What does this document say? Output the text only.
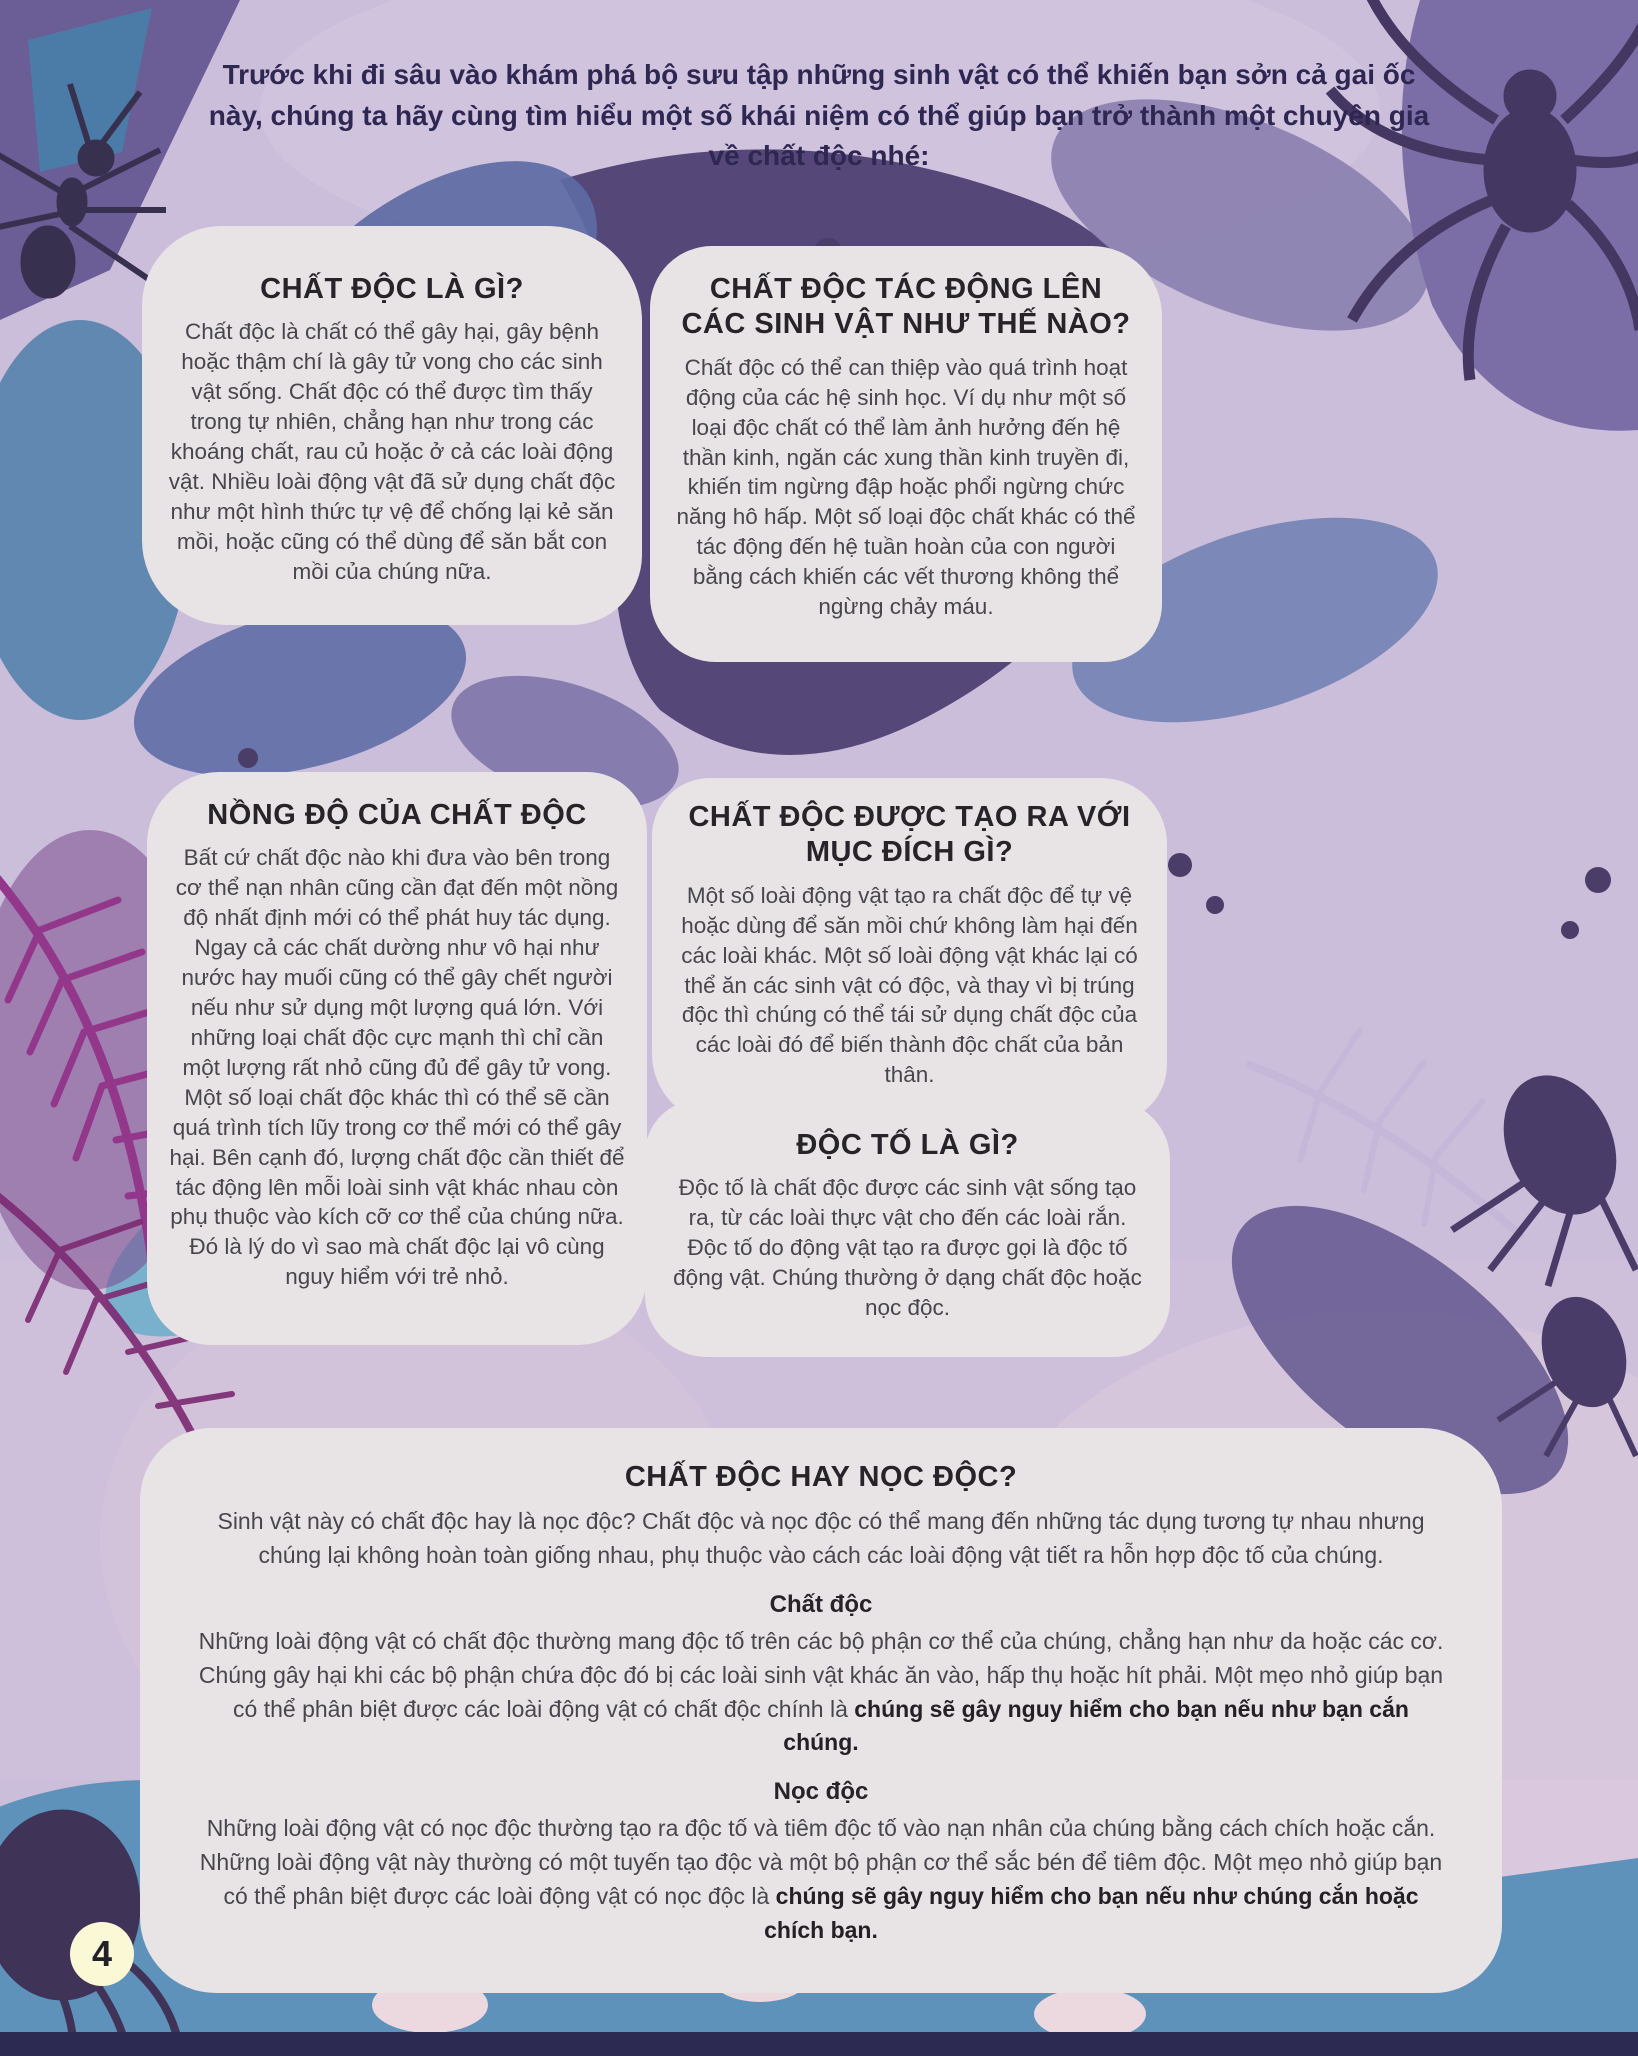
Trước khi đi sâu vào khám phá bộ sưu tập những sinh vật có thể khiến bạn sởn cả gai ốc này, chúng ta hãy cùng tìm hiểu một số khái niệm có thể giúp bạn trở thành một chuyên gia về chất độc nhé:

CHẤT ĐỘC LÀ GÌ?

Chất độc là chất có thể gây hại, gây bệnh hoặc thậm chí là gây tử vong cho các sinh vật sống. Chất độc có thể được tìm thấy trong tự nhiên, chẳng hạn như trong các khoáng chất, rau củ hoặc ở cả các loài động vật. Nhiều loài động vật đã sử dụng chất độc như một hình thức tự vệ để chống lại kẻ săn mồi, hoặc cũng có thể dùng để săn bắt con mồi của chúng nữa.

CHẤT ĐỘC TÁC ĐỘNG LÊN CÁC SINH VẬT NHƯ THẾ NÀO?

Chất độc có thể can thiệp vào quá trình hoạt động của các hệ sinh học. Ví dụ như một số loại độc chất có thể làm ảnh hưởng đến hệ thần kinh, ngăn các xung thần kinh truyền đi, khiến tim ngừng đập hoặc phổi ngừng chức năng hô hấp. Một số loại độc chất khác có thể tác động đến hệ tuần hoàn của con người bằng cách khiến các vết thương không thể ngừng chảy máu.

NỒNG ĐỘ CỦA CHẤT ĐỘC

Bất cứ chất độc nào khi đưa vào bên trong cơ thể nạn nhân cũng cần đạt đến một nồng độ nhất định mới có thể phát huy tác dụng. Ngay cả các chất dường như vô hại như nước hay muối cũng có thể gây chết người nếu như sử dụng một lượng quá lớn. Với những loại chất độc cực mạnh thì chỉ cần một lượng rất nhỏ cũng đủ để gây tử vong. Một số loại chất độc khác thì có thể sẽ cần quá trình tích lũy trong cơ thể mới có thể gây hại. Bên cạnh đó, lượng chất độc cần thiết để tác động lên mỗi loài sinh vật khác nhau còn phụ thuộc vào kích cỡ cơ thể của chúng nữa. Đó là lý do vì sao mà chất độc lại vô cùng nguy hiểm với trẻ nhỏ.

CHẤT ĐỘC ĐƯỢC TẠO RA VỚI MỤC ĐÍCH GÌ?

Một số loài động vật tạo ra chất độc để tự vệ hoặc dùng để săn mồi chứ không làm hại đến các loài khác. Một số loài động vật khác lại có thể ăn các sinh vật có độc, và thay vì bị trúng độc thì chúng có thể tái sử dụng chất độc của các loài đó để biến thành độc chất của bản thân.

ĐỘC TỐ LÀ GÌ?

Độc tố là chất độc được các sinh vật sống tạo ra, từ các loài thực vật cho đến các loài rắn. Độc tố do động vật tạo ra được gọi là độc tố động vật. Chúng thường ở dạng chất độc hoặc nọc độc.

CHẤT ĐỘC HAY NỌC ĐỘC?

Sinh vật này có chất độc hay là nọc độc? Chất độc và nọc độc có thể mang đến những tác dụng tương tự nhau nhưng chúng lại không hoàn toàn giống nhau, phụ thuộc vào cách các loài động vật tiết ra hỗn hợp độc tố của chúng.

Chất độc

Những loài động vật có chất độc thường mang độc tố trên các bộ phận cơ thể của chúng, chẳng hạn như da hoặc các cơ. Chúng gây hại khi các bộ phận chứa độc đó bị các loài sinh vật khác ăn vào, hấp thụ hoặc hít phải. Một mẹo nhỏ giúp bạn có thể phân biệt được các loài động vật có chất độc chính là chúng sẽ gây nguy hiểm cho bạn nếu như bạn cắn chúng.

Nọc độc

Những loài động vật có nọc độc thường tạo ra độc tố và tiêm độc tố vào nạn nhân của chúng bằng cách chích hoặc cắn. Những loài động vật này thường có một tuyến tạo độc và một bộ phận cơ thể sắc bén để tiêm độc. Một mẹo nhỏ giúp bạn có thể phân biệt được các loài động vật có nọc độc là chúng sẽ gây nguy hiểm cho bạn nếu như chúng cắn hoặc chích bạn.

4
